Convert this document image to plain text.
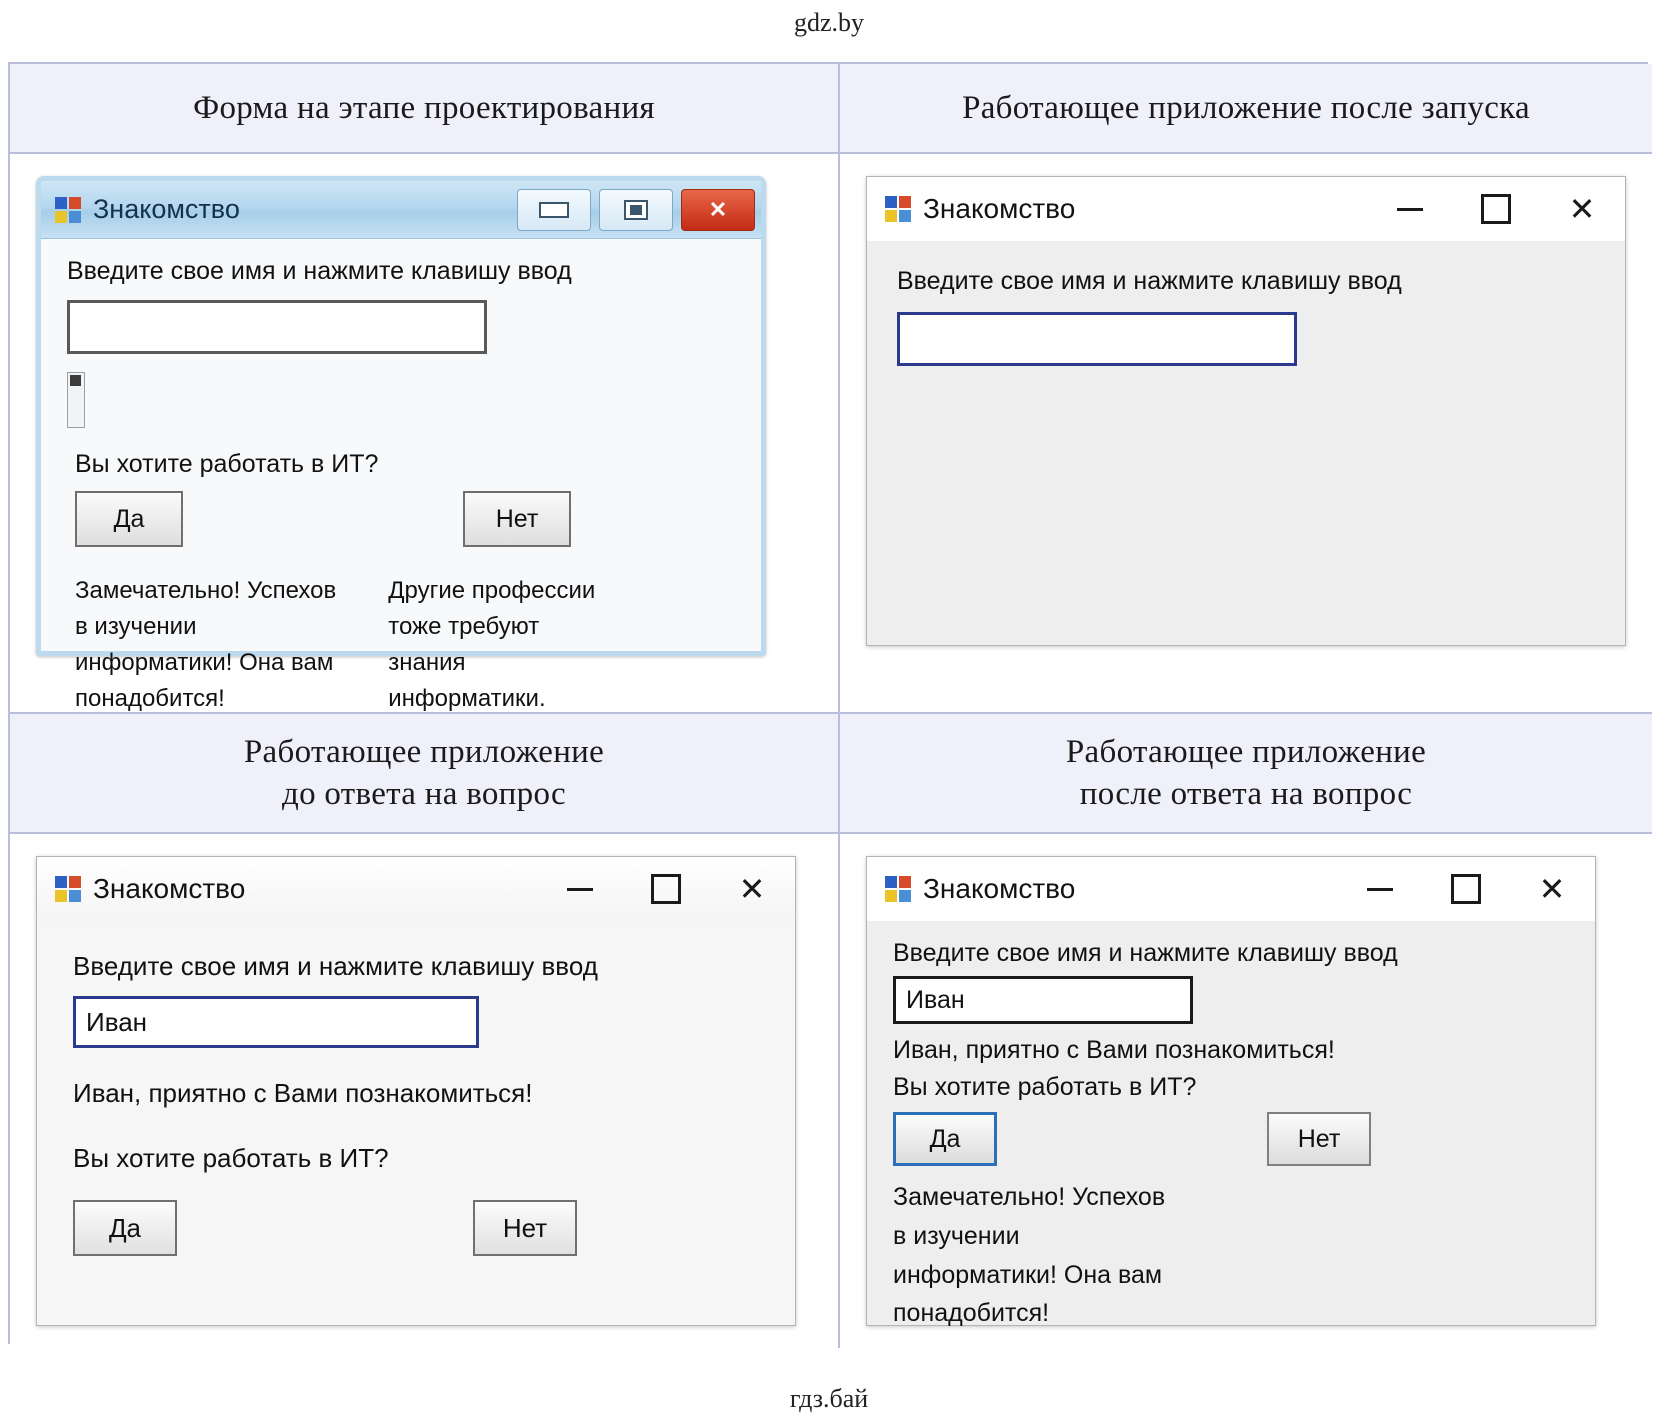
gdz.by
Форма на этапе проектирования	Работающее приложение после запуска
Знакомство	✕
Введите свое имя и нажмите клавишу ввод
Вы хотите работать в ИТ?
Да	Нет
Замечательно! Успехов
в изучении
информатики! Она вам
понадобится!
Другие профессии
тоже требуют
знания
информатики.
Знакомство	✕
Введите свое имя и нажмите клавишу ввод
Работающее приложение
до ответа на вопрос
Работающее приложение
после ответа на вопрос
Знакомство	✕
Введите свое имя и нажмите клавишу ввод
Иван
Иван, приятно с Вами познакомиться!
Вы хотите работать в ИТ?
Да	Нет
Знакомство	✕
Введите свое имя и нажмите клавишу ввод
Иван
Иван, приятно с Вами познакомиться!
Вы хотите работать в ИТ?
Да	Нет
Замечательно! Успехов
в изучении
информатики! Она вам
понадобится!
гдз.бай
